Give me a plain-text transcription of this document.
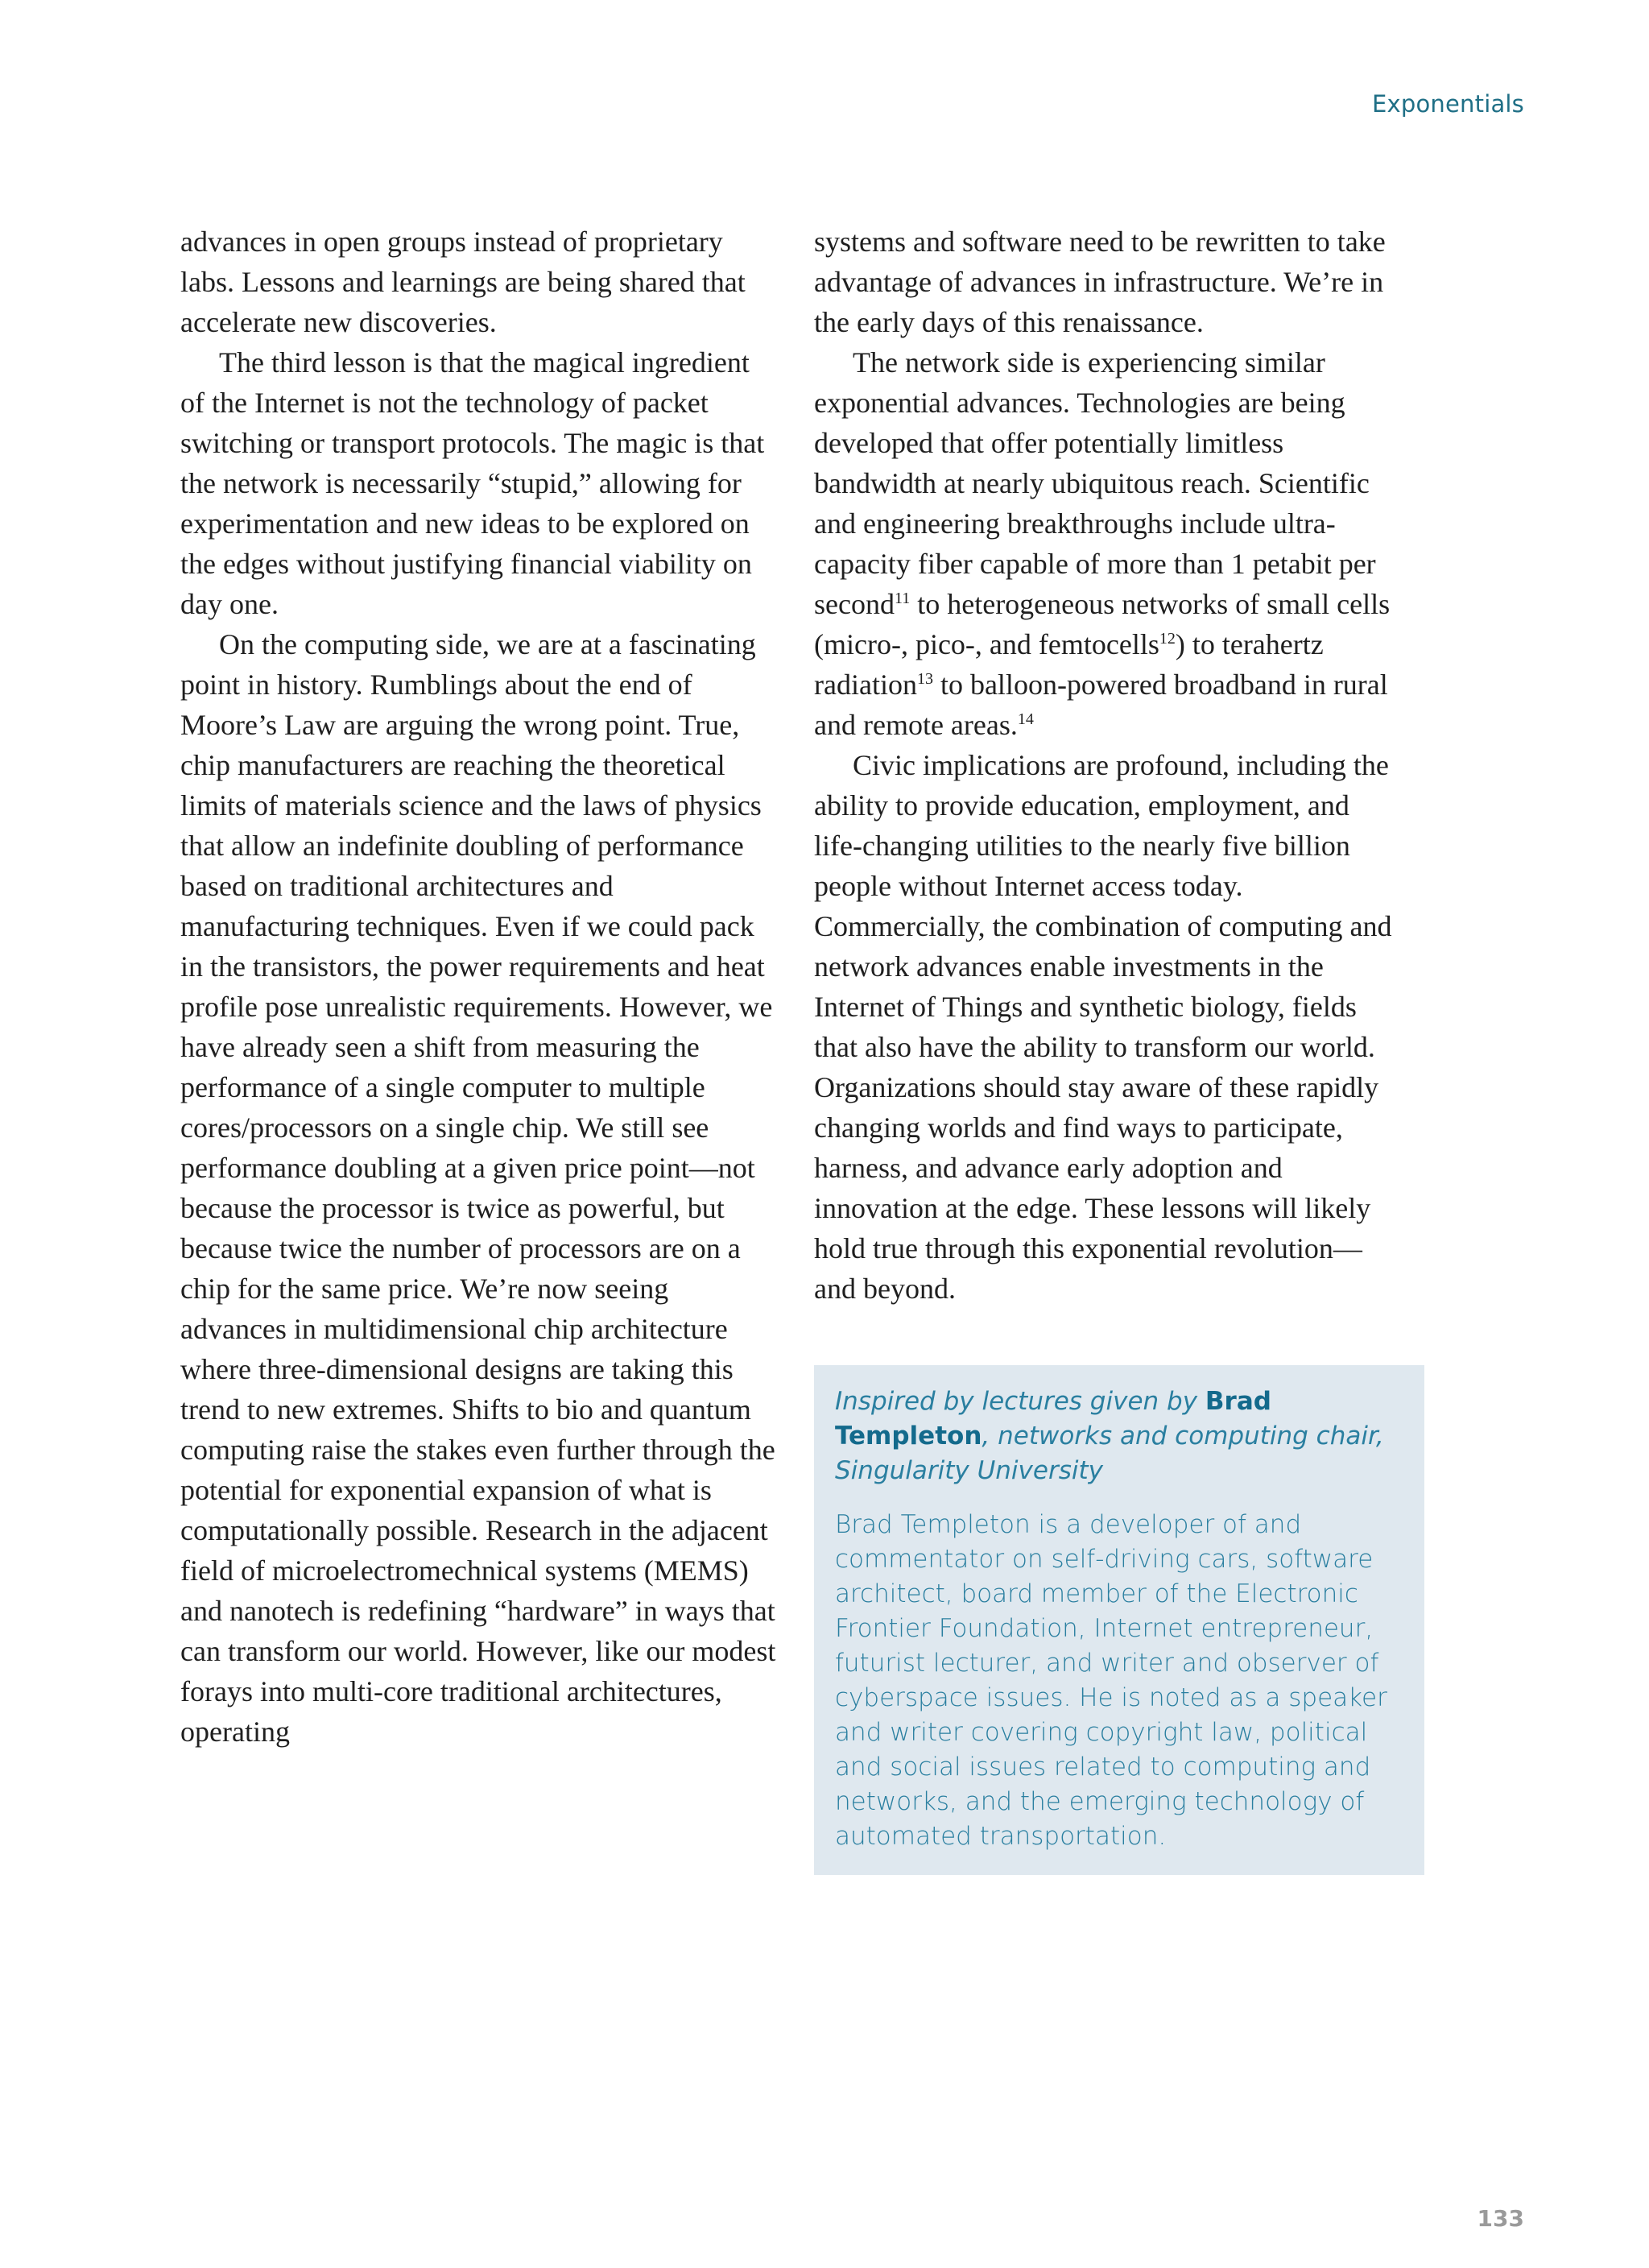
Exponentials

advances in open groups instead of proprietary labs. Lessons and learnings are being shared that accelerate new discoveries.

The third lesson is that the magical ingredient of the Internet is not the technology of packet switching or transport protocols. The magic is that the network is necessarily “stupid,” allowing for experimentation and new ideas to be explored on the edges without justifying financial viability on day one.

On the computing side, we are at a fascinating point in history. Rumblings about the end of Moore’s Law are arguing the wrong point. True, chip manufacturers are reaching the theoretical limits of materials science and the laws of physics that allow an indefinite doubling of performance based on traditional architectures and manufacturing techniques. Even if we could pack in the transistors, the power requirements and heat profile pose unrealistic requirements. However, we have already seen a shift from measuring the performance of a single computer to multiple cores/processors on a single chip. We still see performance doubling at a given price point—not because the processor is twice as powerful, but because twice the number of processors are on a chip for the same price. We’re now seeing advances in multidimensional chip architecture where three-dimensional designs are taking this trend to new extremes. Shifts to bio and quantum computing raise the stakes even further through the potential for exponential expansion of what is computationally possible. Research in the adjacent field of microelectromechnical systems (MEMS) and nanotech is redefining “hardware” in ways that can transform our world. However, like our modest forays into multi-core traditional architectures, operating

systems and software need to be rewritten to take advantage of advances in infrastructure. We’re in the early days of this renaissance.

The network side is experiencing similar exponential advances. Technologies are being developed that offer potentially limitless bandwidth at nearly ubiquitous reach. Scientific and engineering breakthroughs include ultra-capacity fiber capable of more than 1 petabit per second$^{11}$ to heterogeneous networks of small cells (micro-, pico-, and femtocells$^{12}$) to terahertz radiation$^{13}$ to balloon-powered broadband in rural and remote areas.$^{14}$

Civic implications are profound, including the ability to provide education, employment, and life-changing utilities to the nearly five billion people without Internet access today. Commercially, the combination of computing and network advances enable investments in the Internet of Things and synthetic biology, fields that also have the ability to transform our world. Organizations should stay aware of these rapidly changing worlds and find ways to participate, harness, and advance early adoption and innovation at the edge. These lessons will likely hold true through this exponential revolution—and beyond.

Inspired by lectures given by Brad Templeton, networks and computing chair, Singularity University

Brad Templeton is a developer of and commentator on self-driving cars, software architect, board member of the Electronic Frontier Foundation, Internet entrepreneur, futurist lecturer, and writer and observer of cyberspace issues. He is noted as a speaker and writer covering copyright law, political and social issues related to computing and networks, and the emerging technology of automated transportation.

133
